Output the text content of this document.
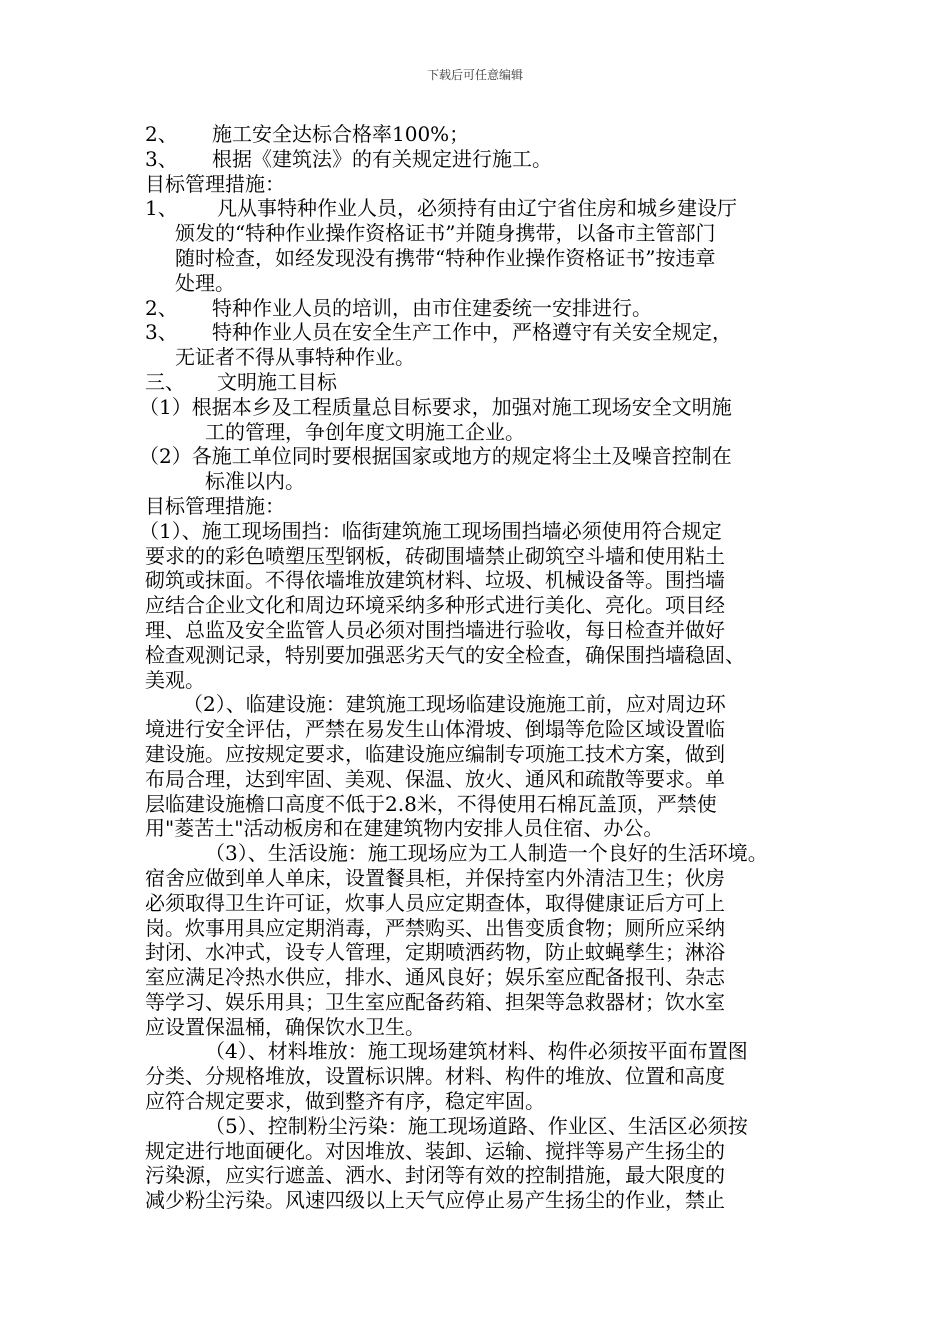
下载后可任意编辑
2、 施工安全达标合格率100%；
3、 根据《建筑法》的有关规定进行施工。
目标管理措施：
1、 凡从事特种作业人员，必须持有由辽宁省住房和城乡建设厅
颁发的“特种作业操作资格证书”并随身携带，以备市主管部门
随时检查，如经发现没有携带“特种作业操作资格证书”按违章
处理。
2、 特种作业人员的培训，由市住建委统一安排进行。
3、 特种作业人员在安全生产工作中，严格遵守有关安全规定，
无证者不得从事特种作业。
三、 文明施工目标
（1）根据本乡及工程质量总目标要求，加强对施工现场安全文明施
工的管理，争创年度文明施工企业。
（2）各施工单位同时要根据国家或地方的规定将尘土及噪音控制在
标准以内。
目标管理措施：
（1）、施工现场围挡：临街建筑施工现场围挡墙必须使用符合规定
要求的的彩色喷塑压型钢板，砖砌围墙禁止砌筑空斗墙和使用粘土
砌筑或抹面。不得依墙堆放建筑材料、垃圾、机械设备等。围挡墙
应结合企业文化和周边环境采纳多种形式进行美化、亮化。项目经
理、总监及安全监管人员必须对围挡墙进行验收，每日检查并做好
检查观测记录，特别要加强恶劣天气的安全检查，确保围挡墙稳固、
美观。
（2）、临建设施：建筑施工现场临建设施施工前，应对周边环
境进行安全评估，严禁在易发生山体滑坡、倒塌等危险区域设置临
建设施。应按规定要求，临建设施应编制专项施工技术方案，做到
布局合理，达到牢固、美观、保温、放火、通风和疏散等要求。单
层临建设施檐口高度不低于2.8米，不得使用石棉瓦盖顶，严禁使
用"菱苦土"活动板房和在建建筑物内安排人员住宿、办公。
（3）、生活设施：施工现场应为工人制造一个良好的生活环境。
宿舍应做到单人单床，设置餐具柜，并保持室内外清洁卫生；伙房
必须取得卫生许可证，炊事人员应定期查体，取得健康证后方可上
岗。炊事用具应定期消毒，严禁购买、出售变质食物；厕所应采纳
封闭、水冲式，设专人管理，定期喷洒药物，防止蚊蝇孳生；淋浴
室应满足冷热水供应，排水、通风良好；娱乐室应配备报刊、杂志
等学习、娱乐用具；卫生室应配备药箱、担架等急救器材；饮水室
应设置保温桶，确保饮水卫生。
（4）、材料堆放：施工现场建筑材料、构件必须按平面布置图
分类、分规格堆放，设置标识牌。材料、构件的堆放、位置和高度
应符合规定要求，做到整齐有序，稳定牢固。
（5）、控制粉尘污染：施工现场道路、作业区、生活区必须按
规定进行地面硬化。对因堆放、装卸、运输、搅拌等易产生扬尘的
污染源，应实行遮盖、洒水、封闭等有效的控制措施，最大限度的
减少粉尘污染。风速四级以上天气应停止易产生扬尘的作业，禁止
